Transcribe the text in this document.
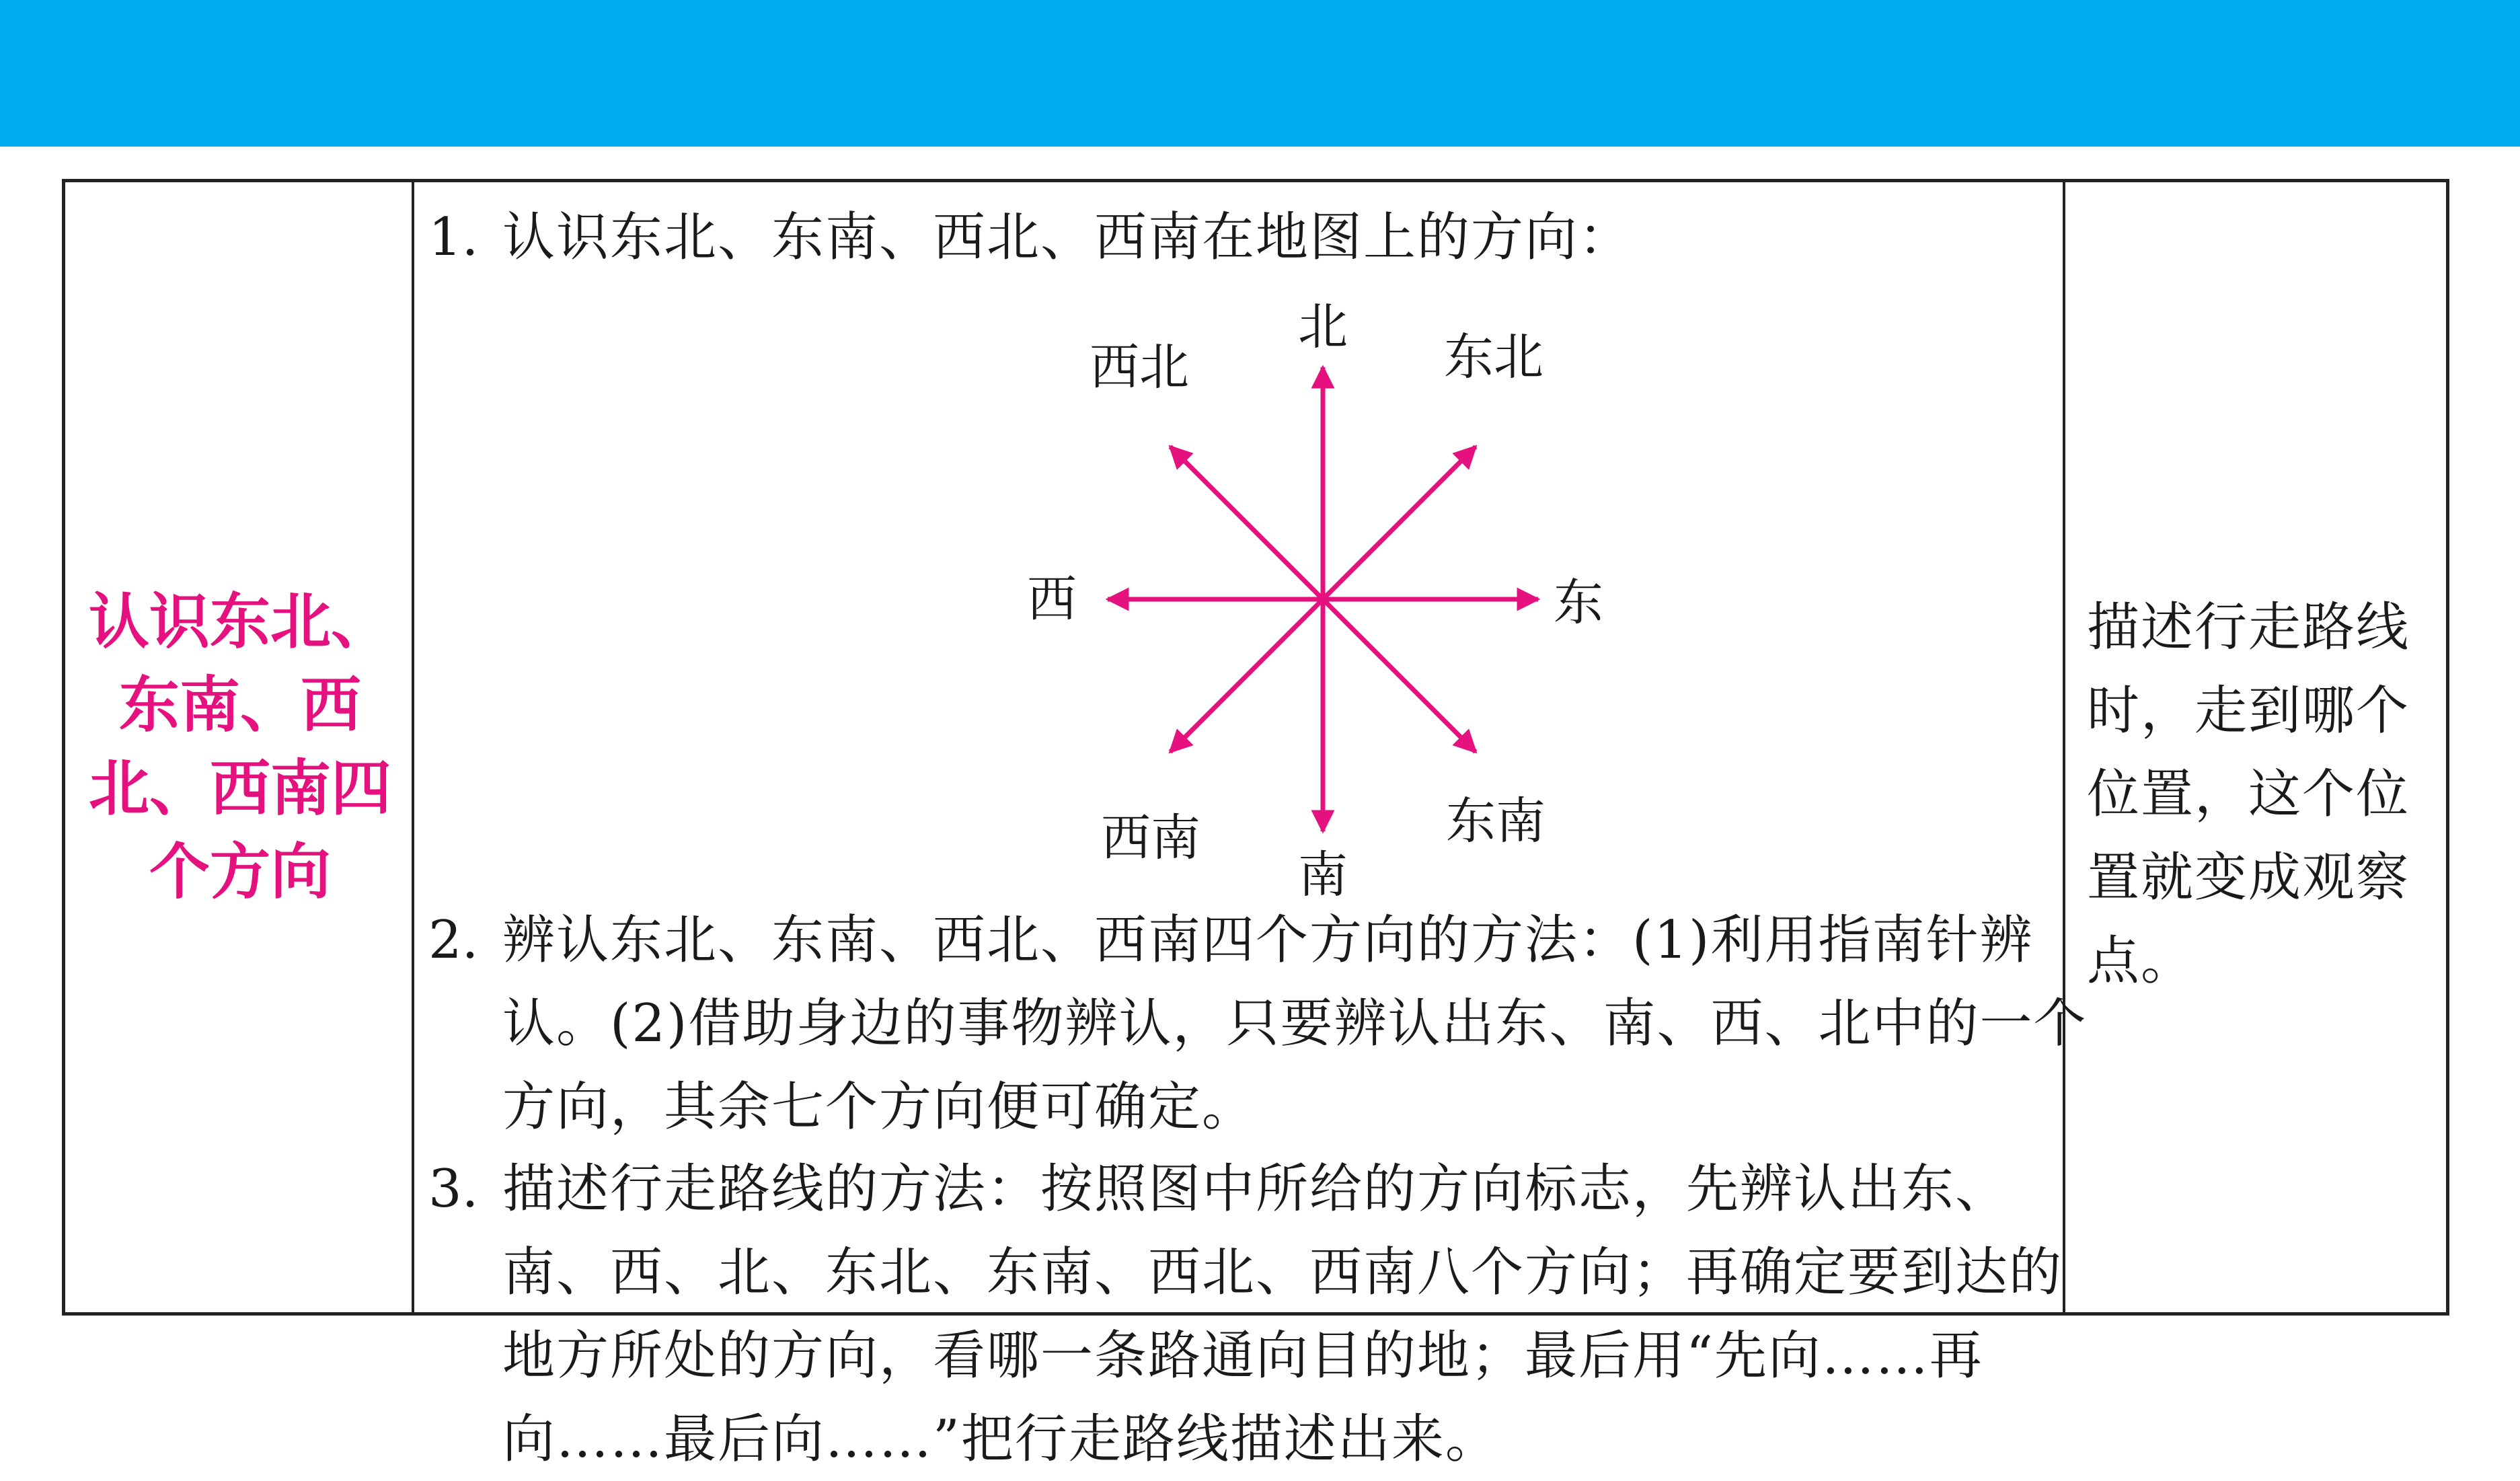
认识东北、东南、西北、西南四个方向
1. 认识东北、东南、西北、西南在地图上的方向：
北
西北	东北
西	东
西南
南
东南
2. 辨认东北、东南、西北、西南四个方向的方法：(1)利用指南针辨认。(2)借助身边的事物辨认，只要辨认出东、南、西、北中的一个方向，其余七个方向便可确定。
3. 描述行走路线的方法：按照图中所给的方向标志，先辨认出东、南、西、北、东北、东南、西北、西南八个方向；再确定要到达的地方所处的方向，看哪一条路通向目的地；最后用“先向……再向……最后向……”把行走路线描述出来。
描述行走路线时，走到哪个位置，这个位置就变成观察点。
